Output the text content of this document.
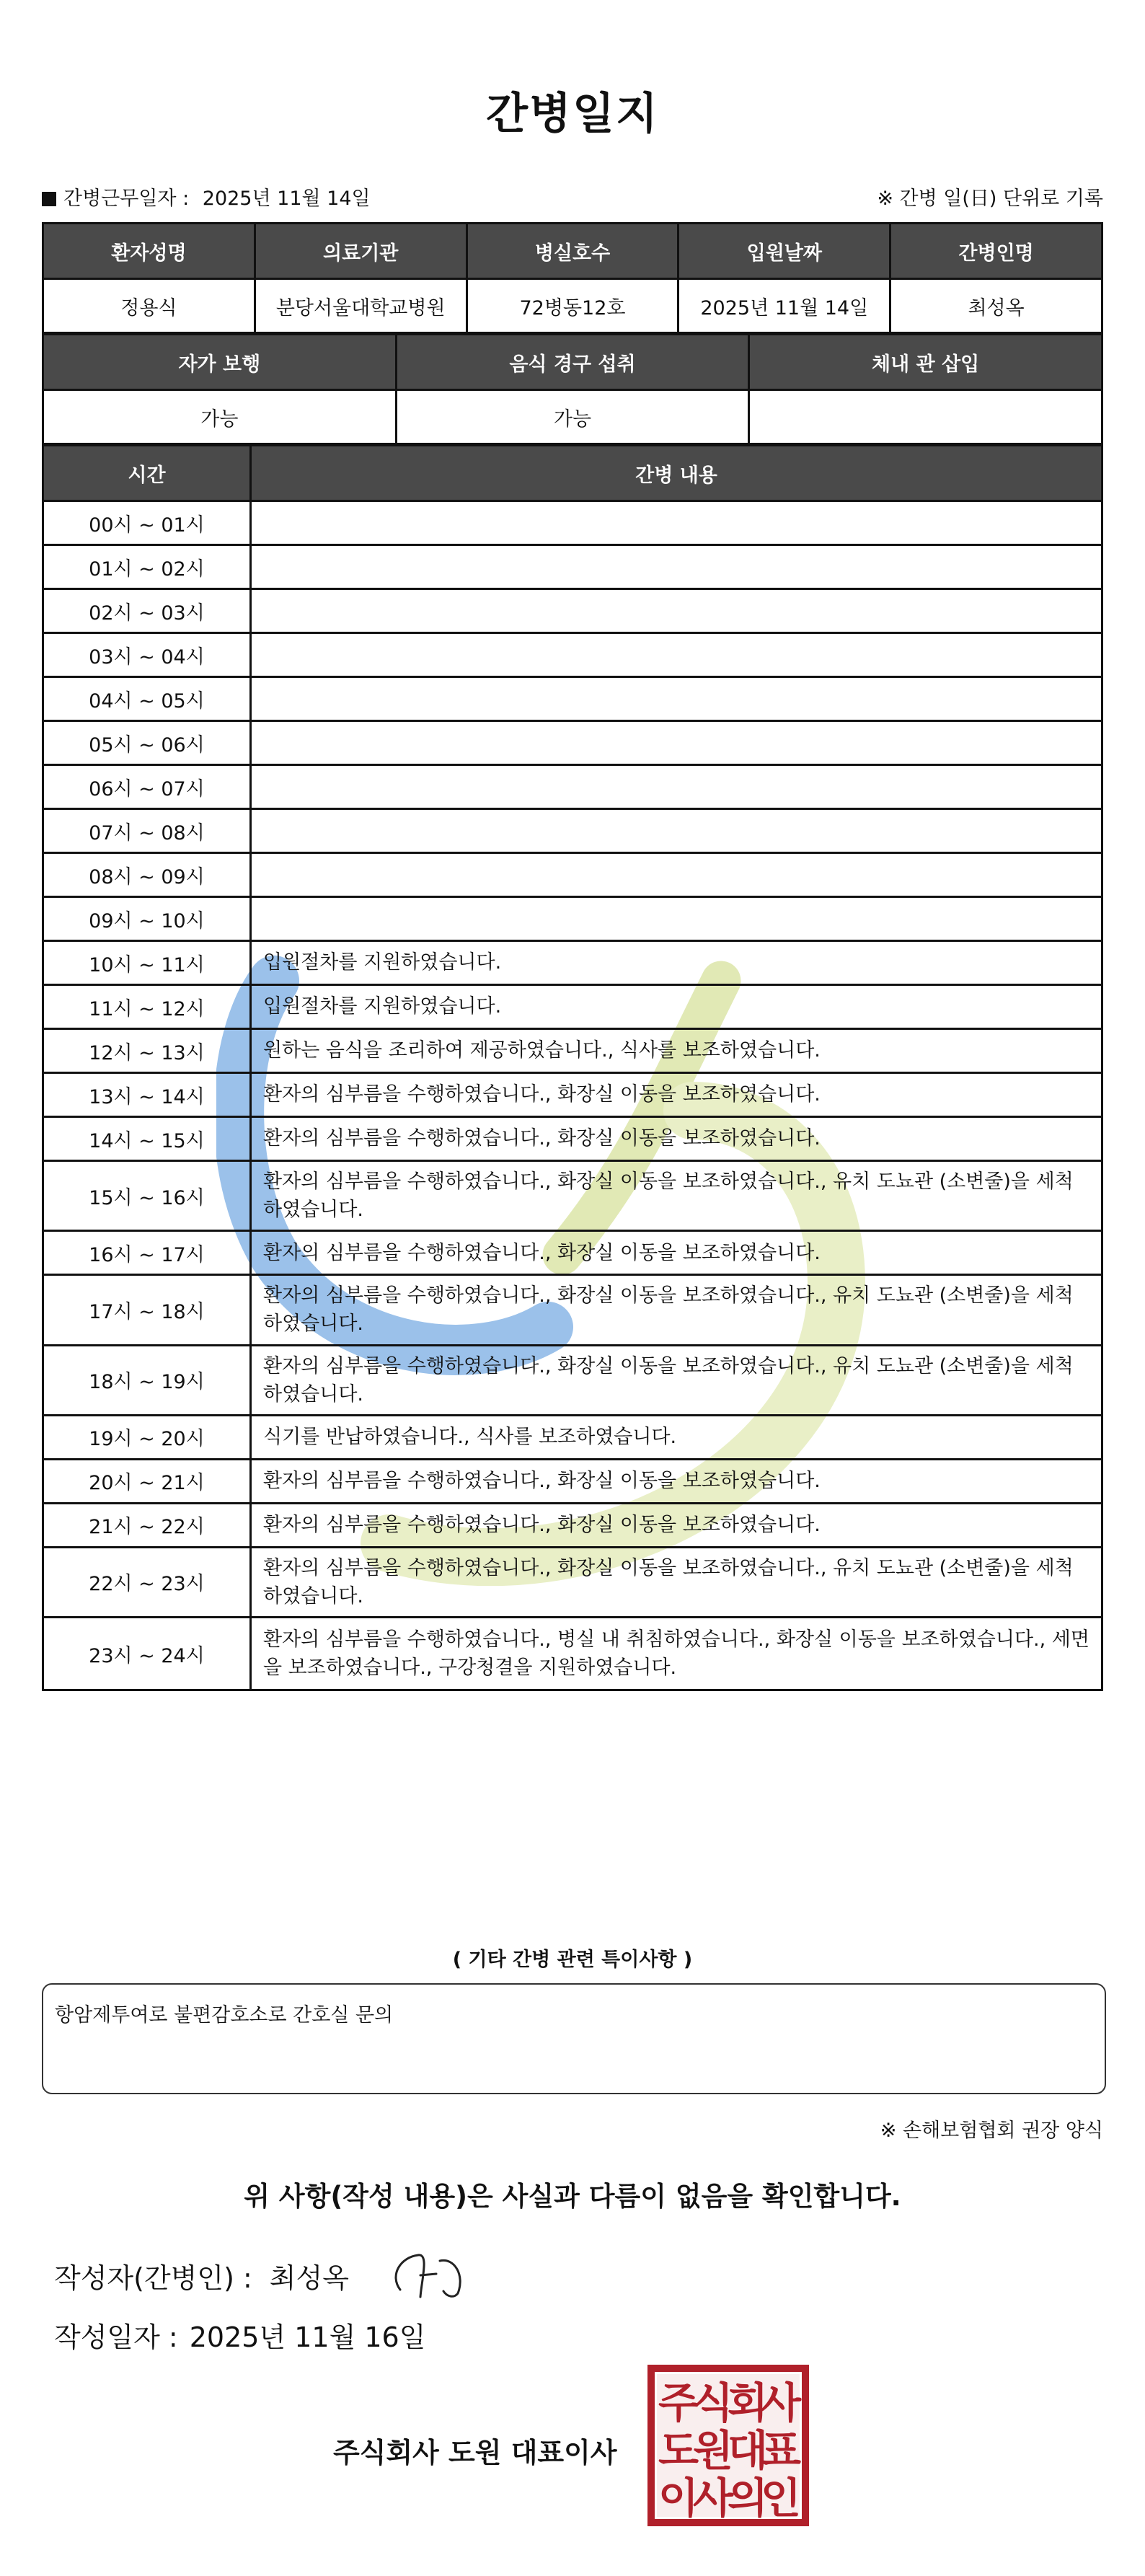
간병일지
간병근무일자 : 2025년 11월 14일	※ 간병 일(日) 단위로 기록
환자성명	의료기관	병실호수	입원날짜	간병인명
정용식	분당서울대학교병원	72병동12호	2025년 11월 14일	최성옥
자가 보행	음식 경구 섭취	체내 관 삽입
가능	가능	
시간	간병 내용
00시 ~ 01시	
01시 ~ 02시	
02시 ~ 03시	
03시 ~ 04시	
04시 ~ 05시	
05시 ~ 06시	
06시 ~ 07시	
07시 ~ 08시	
08시 ~ 09시	
09시 ~ 10시	
10시 ~ 11시	입원절차를 지원하였습니다.
11시 ~ 12시	입원절차를 지원하였습니다.
12시 ~ 13시	원하는 음식을 조리하여 제공하였습니다., 식사를 보조하였습니다.
13시 ~ 14시	환자의 심부름을 수행하였습니다., 화장실 이동을 보조하였습니다.
14시 ~ 15시	환자의 심부름을 수행하였습니다., 화장실 이동을 보조하였습니다.
15시 ~ 16시	환자의 심부름을 수행하였습니다., 화장실 이동을 보조하였습니다., 유치 도뇨관 (소변줄)을 세척하였습니다.
16시 ~ 17시	환자의 심부름을 수행하였습니다., 화장실 이동을 보조하였습니다.
17시 ~ 18시	환자의 심부름을 수행하였습니다., 화장실 이동을 보조하였습니다., 유치 도뇨관 (소변줄)을 세척하였습니다.
18시 ~ 19시	환자의 심부름을 수행하였습니다., 화장실 이동을 보조하였습니다., 유치 도뇨관 (소변줄)을 세척하였습니다.
19시 ~ 20시	식기를 반납하였습니다., 식사를 보조하였습니다.
20시 ~ 21시	환자의 심부름을 수행하였습니다., 화장실 이동을 보조하였습니다.
21시 ~ 22시	환자의 심부름을 수행하였습니다., 화장실 이동을 보조하였습니다.
22시 ~ 23시	환자의 심부름을 수행하였습니다., 화장실 이동을 보조하였습니다., 유치 도뇨관 (소변줄)을 세척하였습니다.
23시 ~ 24시	환자의 심부름을 수행하였습니다., 병실 내 취침하였습니다., 화장실 이동을 보조하였습니다., 세면을 보조하였습니다., 구강청결을 지원하였습니다.
( 기타 간병 관련 특이사항 )
항암제투여로 불편감호소로 간호실 문의
※ 손해보험협회 권장 양식
위 사항(작성 내용)은 사실과 다름이 없음을 확인합니다.
작성자(간병인) : 최성옥
작성일자 : 2025년 11월 16일
주식회사 도원 대표이사
주
식
회
사
도
원
대
표
이
사
의
인
